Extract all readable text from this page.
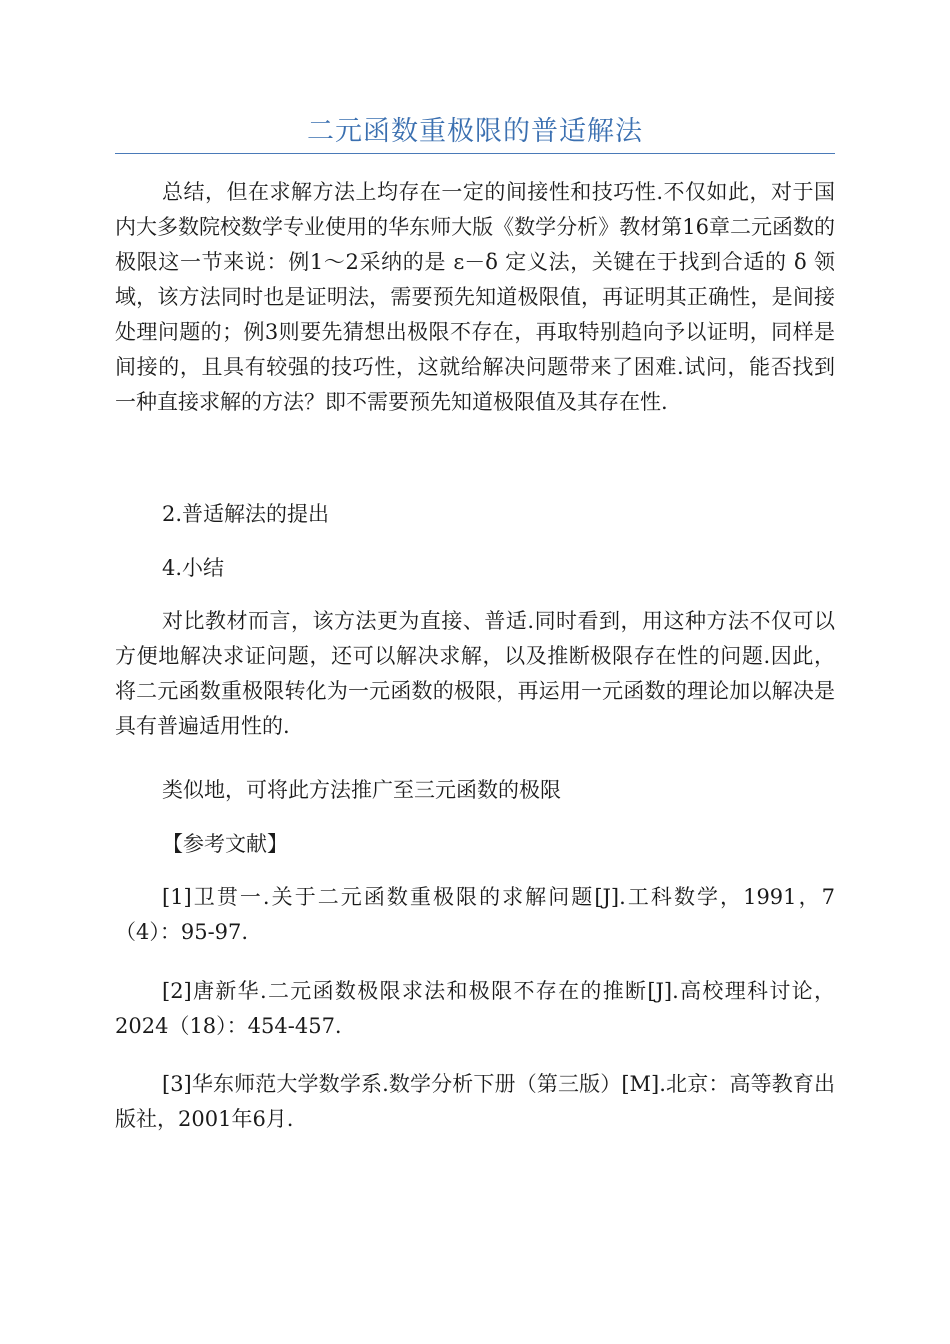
二元函数重极限的普适解法

总结，但在求解方法上均存在一定的间接性和技巧性.不仅如此，对于国内大多数院校数学专业使用的华东师大版《数学分析》教材第16章二元函数的极限这一节来说：例1～2采纳的是 ε－δ 定义法，关键在于找到合适的 δ 领域，该方法同时也是证明法，需要预先知道极限值，再证明其正确性，是间接处理问题的；例3则要先猜想出极限不存在，再取特别趋向予以证明，同样是间接的，且具有较强的技巧性，这就给解决问题带来了困难.试问，能否找到一种直接求解的方法？即不需要预先知道极限值及其存在性.

2.普适解法的提出

4.小结

对比教材而言，该方法更为直接、普适.同时看到，用这种方法不仅可以方便地解决求证问题，还可以解决求解，以及推断极限存在性的问题.因此，将二元函数重极限转化为一元函数的极限，再运用一元函数的理论加以解决是具有普遍适用性的.

类似地，可将此方法推广至三元函数的极限

【参考文献】

[1]卫贯一.关于二元函数重极限的求解问题[J].工科数学，1991，7（4）：95-97.

[2]唐新华.二元函数极限求法和极限不存在的推断[J].高校理科讨论，2024（18）：454-457.

[3]华东师范大学数学系.数学分析下册（第三版）[M].北京：高等教育出版社，2001年6月.
